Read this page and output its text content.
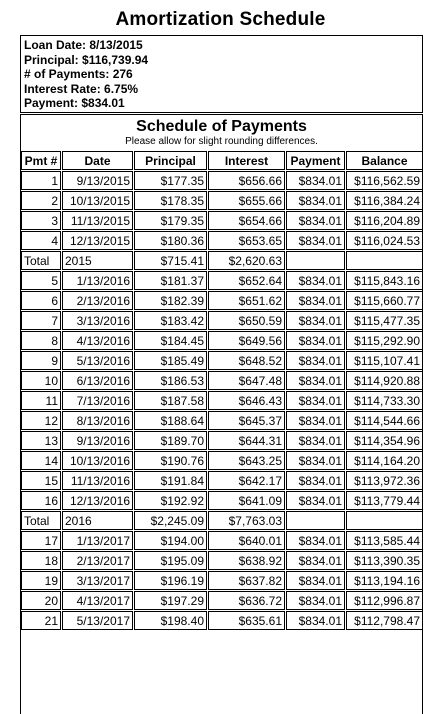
Amortization Schedule
Loan Date: 8/13/2015
Principal: $116,739.94
# of Payments: 276
Interest Rate: 6.75%
Payment: $834.01
Schedule of Payments
Please allow for slight rounding differences.
Pmt #	Date	Principal	Interest	Payment	Balance
1	9/13/2015	$177.35	$656.66	$834.01	$116,562.59
2	10/13/2015	$178.35	$655.66	$834.01	$116,384.24
3	11/13/2015	$179.35	$654.66	$834.01	$116,204.89
4	12/13/2015	$180.36	$653.65	$834.01	$116,024.53
Total	2015	$715.41	$2,620.63		
5	1/13/2016	$181.37	$652.64	$834.01	$115,843.16
6	2/13/2016	$182.39	$651.62	$834.01	$115,660.77
7	3/13/2016	$183.42	$650.59	$834.01	$115,477.35
8	4/13/2016	$184.45	$649.56	$834.01	$115,292.90
9	5/13/2016	$185.49	$648.52	$834.01	$115,107.41
10	6/13/2016	$186.53	$647.48	$834.01	$114,920.88
11	7/13/2016	$187.58	$646.43	$834.01	$114,733.30
12	8/13/2016	$188.64	$645.37	$834.01	$114,544.66
13	9/13/2016	$189.70	$644.31	$834.01	$114,354.96
14	10/13/2016	$190.76	$643.25	$834.01	$114,164.20
15	11/13/2016	$191.84	$642.17	$834.01	$113,972.36
16	12/13/2016	$192.92	$641.09	$834.01	$113,779.44
Total	2016	$2,245.09	$7,763.03		
17	1/13/2017	$194.00	$640.01	$834.01	$113,585.44
18	2/13/2017	$195.09	$638.92	$834.01	$113,390.35
19	3/13/2017	$196.19	$637.82	$834.01	$113,194.16
20	4/13/2017	$197.29	$636.72	$834.01	$112,996.87
21	5/13/2017	$198.40	$635.61	$834.01	$112,798.47
